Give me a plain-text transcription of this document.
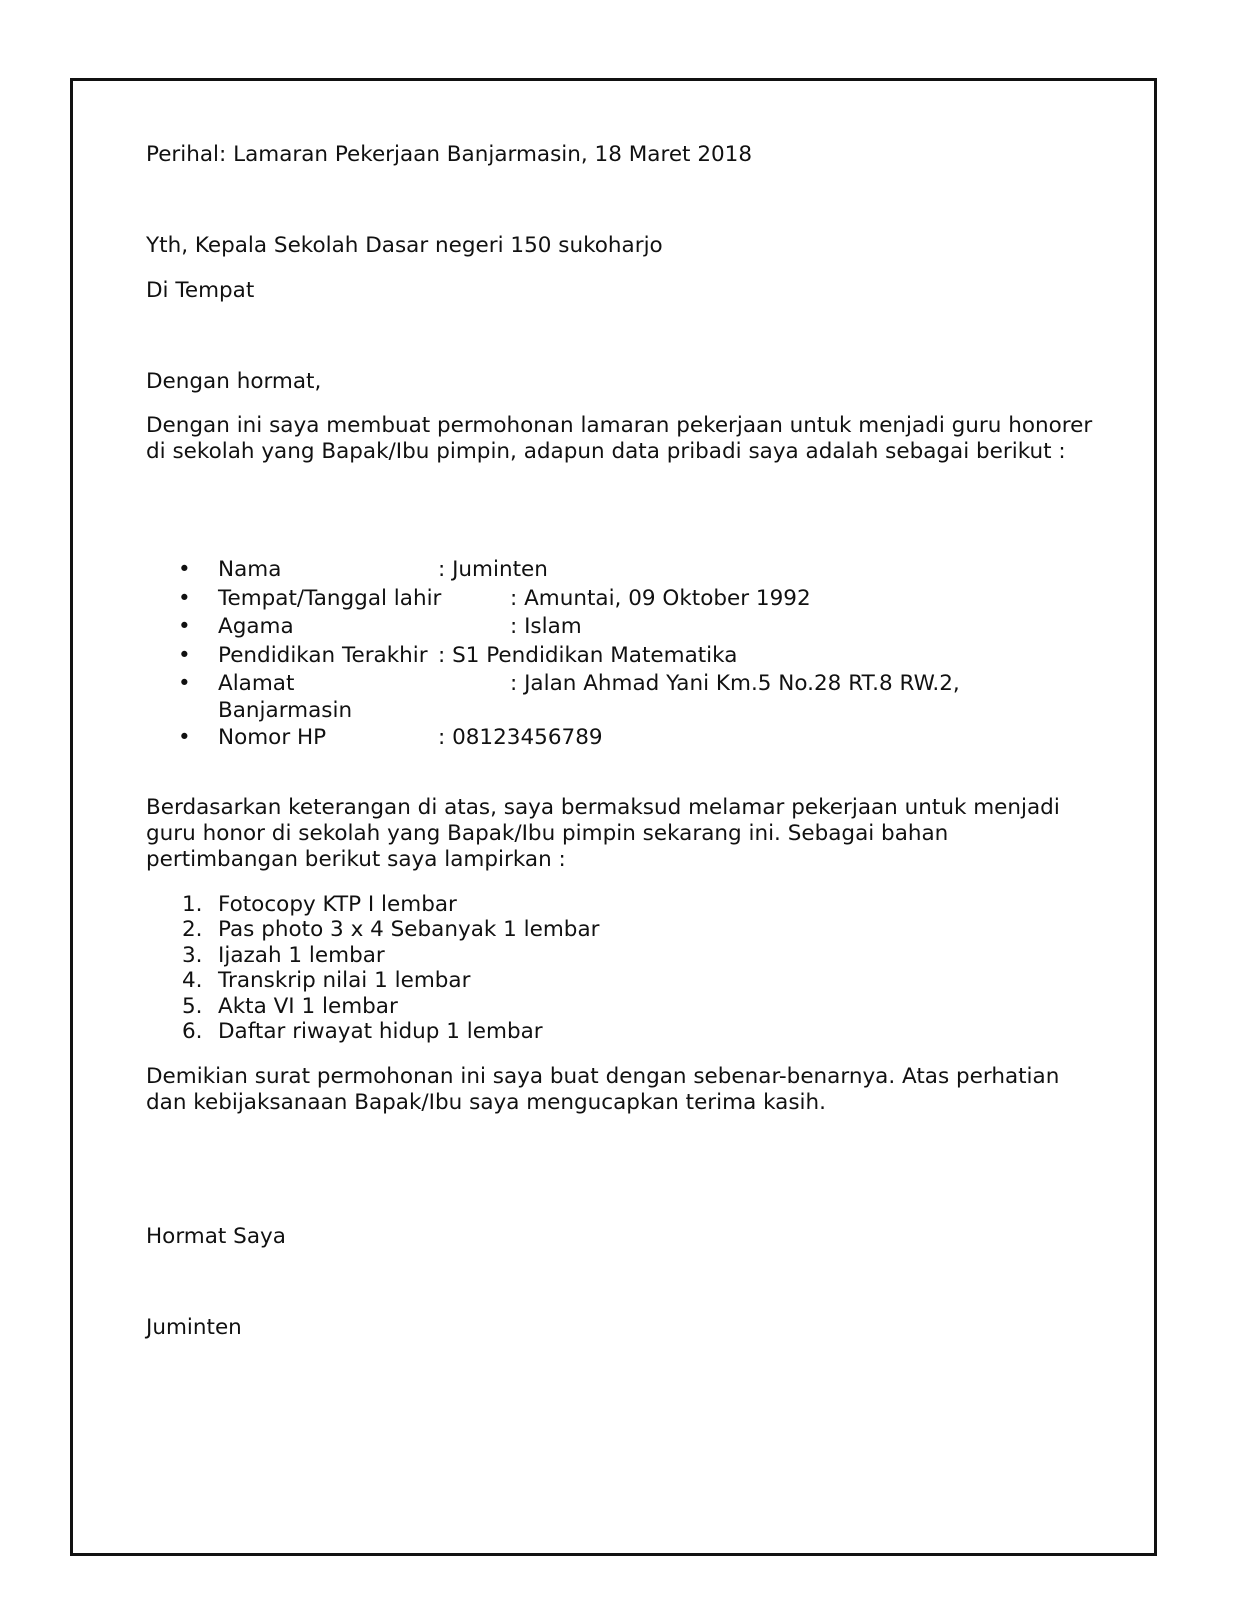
Perihal: Lamaran Pekerjaan Banjarmasin, 18 Maret 2018
Yth, Kepala Sekolah Dasar negeri 150 sukoharjo
Di Tempat
Dengan hormat,
Dengan ini saya membuat permohonan lamaran pekerjaan untuk menjadi guru honorer di sekolah yang Bapak/Ibu pimpin, adapun data pribadi saya adalah sebagai berikut :
• Nama	: Juminten
• Tempat/Tanggal lahir	: Amuntai, 09 Oktober 1992
• Agama	: Islam
• Pendidikan Terakhir : S1 Pendidikan Matematika
• Alamat	: Jalan Ahmad Yani Km.5 No.28 RT.8 RW.2,
Banjarmasin
• Nomor HP	: 08123456789
Berdasarkan keterangan di atas, saya bermaksud melamar pekerjaan untuk menjadi guru honor di sekolah yang Bapak/Ibu pimpin sekarang ini. Sebagai bahan pertimbangan berikut saya lampirkan :
1. Fotocopy KTP I lembar
2. Pas photo 3 x 4 Sebanyak 1 lembar
3. Ijazah 1 lembar
4. Transkrip nilai 1 lembar
5. Akta VI 1 lembar
6. Daftar riwayat hidup 1 lembar
Demikian surat permohonan ini saya buat dengan sebenar-benarnya. Atas perhatian dan kebijaksanaan Bapak/Ibu saya mengucapkan terima kasih.
Hormat Saya
Juminten
